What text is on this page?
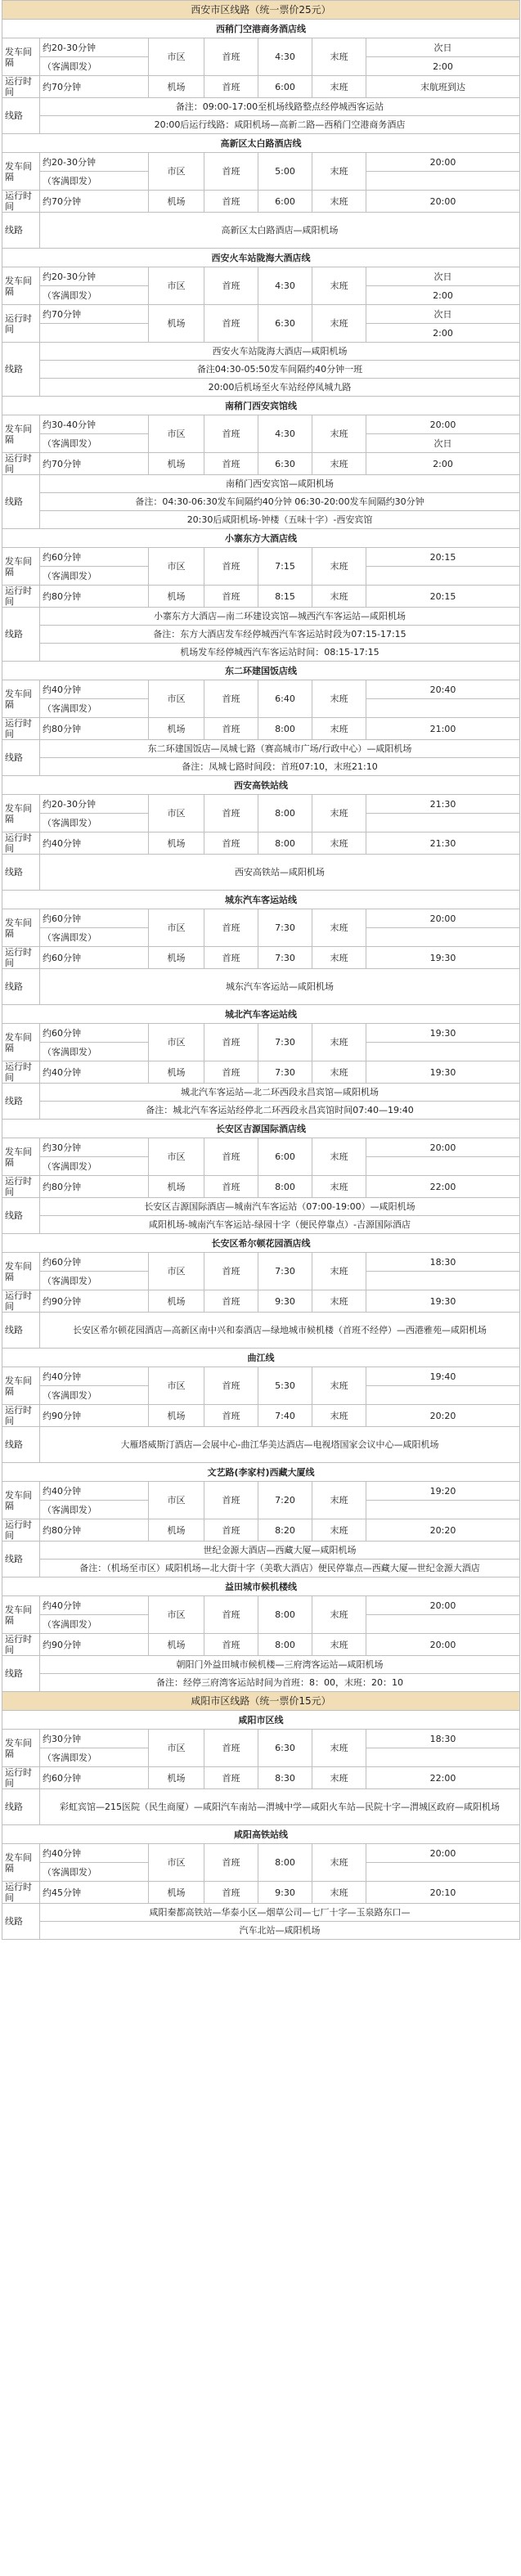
西安市区线路（统一票价25元）						
西稍门空港商务酒店线						
发车间隔	约20-30分钟	市区	首班	4:30	末班	次日
	（客满即发）					2:00
运行时间	约70分钟	机场	首班	6:00	末班	末航班到达
线路	备注：09:00-17:00至机场线路整点经停城西客运站					
	20:00后运行线路：咸阳机场—高新二路—西稍门空港商务酒店					
高新区太白路酒店线						
发车间隔	约20-30分钟	市区	首班	5:00	末班	20:00
	（客满即发）					
运行时间	约70分钟	机场	首班	6:00	末班	20:00
线路	高新区太白路酒店—咸阳机场					
西安火车站陇海大酒店线						
发车间隔	约20-30分钟	市区	首班	4:30	末班	次日
	（客满即发）					2:00
运行时间	约70分钟	机场	首班	6:30	末班	次日
						2:00
线路	西安火车站陇海大酒店—咸阳机场					
	备注04:30-05:50发车间隔约40分钟一班					
	20:00后机场至火车站经停凤城九路					
南稍门西安宾馆线						
发车间隔	约30-40分钟	市区	首班	4:30	末班	20:00
	（客满即发）					次日
运行时间	约70分钟	机场	首班	6:30	末班	2:00
线路	南稍门西安宾馆—咸阳机场					
	备注：04:30-06:30发车间隔约40分钟 06:30-20:00发车间隔约30分钟					
	20:30后咸阳机场-钟楼（五味十字）-西安宾馆					
小寨东方大酒店线						
发车间隔	约60分钟	市区	首班	7:15	末班	20:15
	（客满即发）					
运行时间	约80分钟	机场	首班	8:15	末班	20:15
线路	小寨东方大酒店—南二环建设宾馆—城西汽车客运站—咸阳机场					
	备注：东方大酒店发车经停城西汽车客运站时段为07:15-17:15					
	机场发车经停城西汽车客运站时间：08:15-17:15					
东二环建国饭店线						
发车间隔	约40分钟	市区	首班	6:40	末班	20:40
	（客满即发）					
运行时间	约80分钟	机场	首班	8:00	末班	21:00
线路	东二环建国饭店—凤城七路（赛高城市广场/行政中心）—咸阳机场					
	备注：凤城七路时间段：首班07:10，末班21:10					
西安高铁站线						
发车间隔	约20-30分钟	市区	首班	8:00	末班	21:30
	（客满即发）					
运行时间	约40分钟	机场	首班	8:00	末班	21:30
线路	西安高铁站—咸阳机场					
城东汽车客运站线						
发车间隔	约60分钟	市区	首班	7:30	末班	20:00
	（客满即发）					
运行时间	约60分钟	机场	首班	7:30	末班	19:30
线路	城东汽车客运站—咸阳机场					
城北汽车客运站线						
发车间隔	约60分钟	市区	首班	7:30	末班	19:30
	（客满即发）					
运行时间	约40分钟	机场	首班	7:30	末班	19:30
线路	城北汽车客运站—北二环西段永昌宾馆—咸阳机场					
	备注：城北汽车客运站经停北二环西段永昌宾馆时间07:40—19:40					
长安区吉源国际酒店线						
发车间隔	约30分钟	市区	首班	6:00	末班	20:00
	（客满即发）					
运行时间	约80分钟	机场	首班	8:00	末班	22:00
线路	长安区吉源国际酒店—城南汽车客运站（07:00-19:00）—咸阳机场					
	咸阳机场-城南汽车客运站-绿园十字（便民停靠点）-吉源国际酒店					
长安区希尔顿花园酒店线						
发车间隔	约60分钟	市区	首班	7:30	末班	18:30
	（客满即发）					
运行时间	约90分钟	机场	首班	9:30	末班	19:30
线路	长安区希尔顿花园酒店—高新区南中兴和泰酒店—绿地城市候机楼（首班不经停）—西港雅苑—咸阳机场					
曲江线						
发车间隔	约40分钟	市区	首班	5:30	末班	19:40
	（客满即发）					
运行时间	约90分钟	机场	首班	7:40	末班	20:20
线路	大雁塔威斯汀酒店—会展中心-曲江华美达酒店—电视塔国家会议中心—咸阳机场					
文艺路(李家村)西藏大厦线						
发车间隔	约40分钟	市区	首班	7:20	末班	19:20
	（客满即发）					
运行时间	约80分钟	机场	首班	8:20	末班	20:20
线路	世纪金源大酒店—西藏大厦—咸阳机场					
	备注：（机场至市区）咸阳机场—北大街十字（美歌大酒店）便民停靠点—西藏大厦—世纪金源大酒店					
益田城市候机楼线						
发车间隔	约40分钟	市区	首班	8:00	末班	20:00
	（客满即发）					
运行时间	约90分钟	机场	首班	8:00	末班	20:00
线路	朝阳门外益田城市候机楼—三府湾客运站—咸阳机场					
	备注：经停三府湾客运站时间为首班：8：00，末班：20：10					
咸阳市区线路（统一票价15元）						
咸阳市区线						
发车间隔	约30分钟	市区	首班	6:30	末班	18:30
	（客满即发）					
运行时间	约60分钟	机场	首班	8:30	末班	22:00
线路	彩虹宾馆—215医院（民生商厦）—咸阳汽车南站—渭城中学—咸阳火车站—民院十字—渭城区政府—咸阳机场					
咸阳高铁站线						
发车间隔	约40分钟	市区	首班	8:00	末班	20:00
	（客满即发）					
运行时间	约45分钟	机场	首班	9:30	末班	20:10
线路	咸阳秦都高铁站—华泰小区—烟草公司—七厂十字—玉泉路东口—					
	汽车北站—咸阳机场					
